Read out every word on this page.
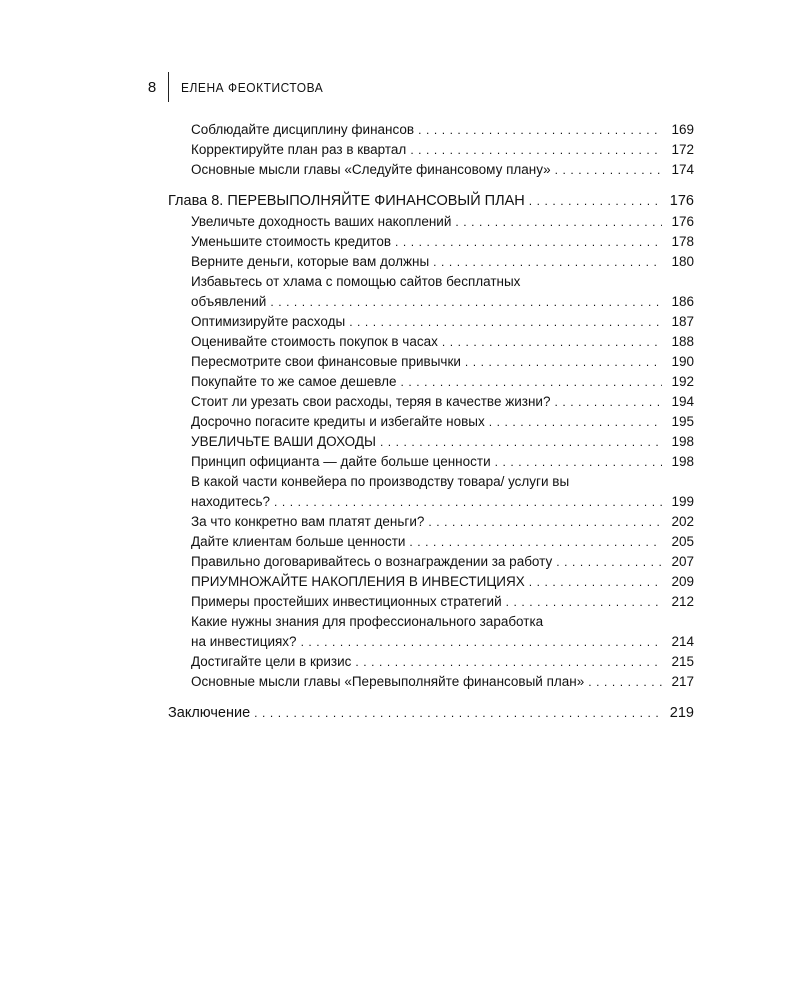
8	ЕЛЕНА ФЕОКТИСТОВА
Соблюдайте дисциплину финансов . . .	169
Корректируйте план раз в квартал . . .	172
Основные мысли главы «Следуйте финансовому плану» . . .	174
Глава 8. ПЕРЕВЫПОЛНЯЙТЕ ФИНАНСОВЫЙ ПЛАН . . .	176
Увеличьте доходность ваших накоплений . . .	176
Уменьшите стоимость кредитов . . .	178
Верните деньги, которые вам должны . . .	180
Избавьтесь от хлама с помощью сайтов бесплатных
объявлений . . .	186
Оптимизируйте расходы . . .	187
Оценивайте стоимость покупок в часах . . .	188
Пересмотрите свои финансовые привычки . . .	190
Покупайте то же самое дешевле . . .	192
Стоит ли урезать свои расходы, теряя в качестве жизни? . . .	194
Досрочно погасите кредиты и избегайте новых . . .	195
УВЕЛИЧЬТЕ ВАШИ ДОХОДЫ . . .	198
Принцип официанта — дайте больше ценности . . .	198
В какой части конвейера по производству товара/ услуги вы
находитесь? . . .	199
За что конкретно вам платят деньги? . . .	202
Дайте клиентам больше ценности . . .	205
Правильно договаривайтесь о вознаграждении за работу . . .	207
ПРИУМНОЖАЙТЕ НАКОПЛЕНИЯ В ИНВЕСТИЦИЯХ . . .	209
Примеры простейших инвестиционных стратегий . . .	212
Какие нужны знания для профессионального заработка
на инвестициях? . . .	214
Достигайте цели в кризис . . .	215
Основные мысли главы «Перевыполняйте финансовый план» . . .	217
Заключение . . .	219
